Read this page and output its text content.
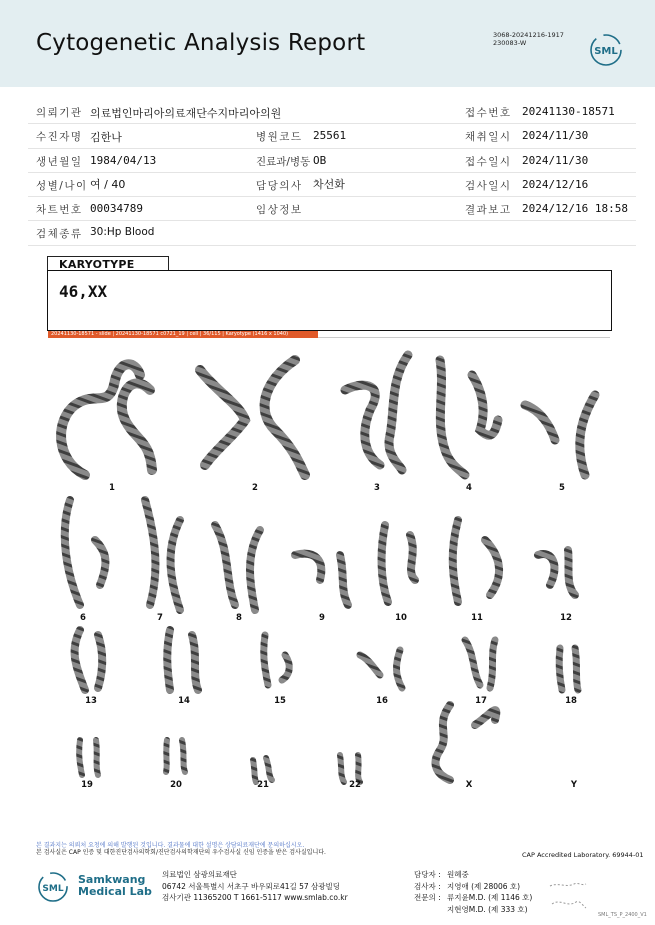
Cytogenetic Analysis Report	3068-20241216-1917
230083-W
SML
의뢰기관 의료법인마리아의료재단수지마리아의원	접수번호 20241130-18571
수진자명 김한나	병원코드 25561	채취일시 2024/11/30
생년월일 1984/04/13	진료과/병동 OB	접수일시 2024/11/30
성별/나이 여 / 40	담당의사 차선화	검사일시 2024/12/16
차트번호 00034789	임상정보	결과보고 2024/12/16 18:58
검체종류 30:Hp Blood
KARYOTYPE
46,XX
20241130-18571 - slide | 20241130-18571 c0721_19 | cell | 36/115 | Karyotype (1416 x 1040)
1	2	3	4	5
6	7	8	9	10	11	12
13	14	15	16	17	18
19	20	21	22	X	Y
본 결과지는 의뢰처 요청에 의해 발행된 것입니다. 결과물에 대한 설명은 상담의료재단에 문의하십시오.
본 검사실은 CAP 인증 및 대한진단검사의학회/진단검사의학재단의 우수검사실 신임 인증을 받은 검사실입니다.	CAP Accredited Laboratory. 69944-01
SML
Samkwang
Medical Lab
의료법인 삼광의료재단
06742 서울특별시 서초구 바우뫼로41길 57 삼광빌딩
검사기관 11365200 T 1661-5117 www.smlab.co.kr
담당자 : 원혜중
검사자 : 지영애 (제 28006 호)
전문의 : 류지윤M.D. (제 1146 호)
지현영M.D. (제 333 호)
SML_TS_P_2400_V1
